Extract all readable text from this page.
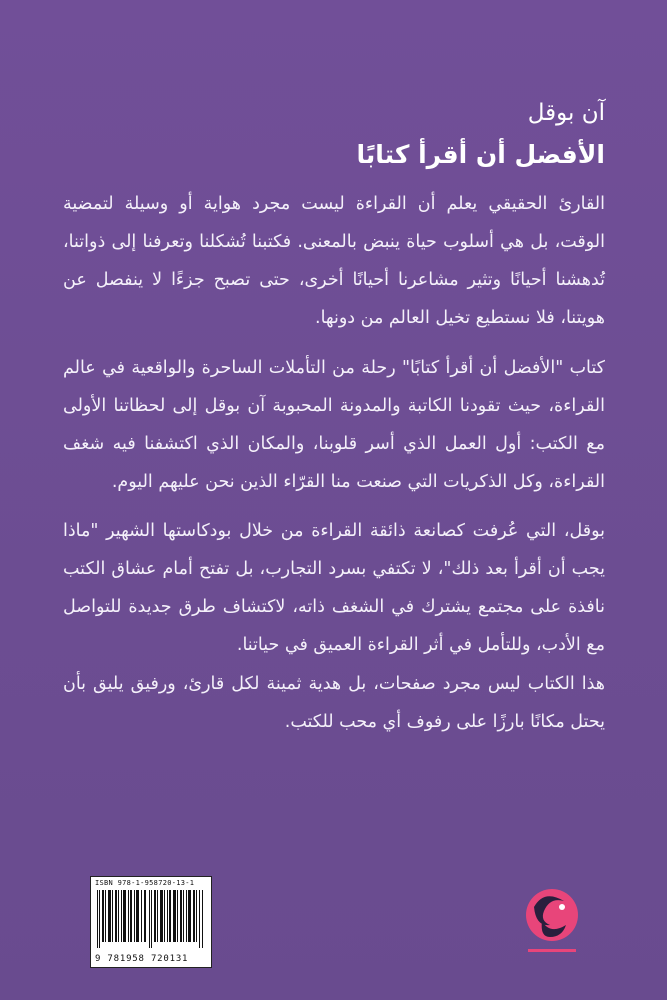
آن بوقل
الأفضل أن أقرأ كتابًا
القارئ الحقيقي يعلم أن القراءة ليست مجرد هواية أو وسيلة لتمضية الوقت، بل هي أسلوب حياة ينبض بالمعنى. فكتبنا تُشكلنا وتعرفنا إلى ذواتنا، تُدهشنا أحيانًا وتثير مشاعرنا أحيانًا أخرى، حتى تصبح جزءًا لا ينفصل عن هويتنا، فلا نستطيع تخيل العالم من دونها.
كتاب "الأفضل أن أقرأ كتابًا" رحلة من التأملات الساحرة والواقعية في عالم القراءة، حيث تقودنا الكاتبة والمدونة المحبوبة آن بوقل إلى لحظاتنا الأولى مع الكتب: أول العمل الذي أسر قلوبنا، والمكان الذي اكتشفنا فيه شغف القراءة، وكل الذكريات التي صنعت منا القرّاء الذين نحن عليهم اليوم.
بوقل، التي عُرفت كصانعة ذائقة القراءة من خلال بودكاستها الشهير "ماذا يجب أن أقرأ بعد ذلك"، لا تكتفي بسرد التجارب، بل تفتح أمام عشاق الكتب نافذة على مجتمع يشترك في الشغف ذاته، لاكتشاف طرق جديدة للتواصل مع الأدب، وللتأمل في أثر القراءة العميق في حياتنا.
هذا الكتاب ليس مجرد صفحات، بل هدية ثمينة لكل قارئ، ورفيق يليق بأن يحتل مكانًا بارزًا على رفوف أي محب للكتب.
ISBN 978-1-958720-13-1
9 781958 720131
